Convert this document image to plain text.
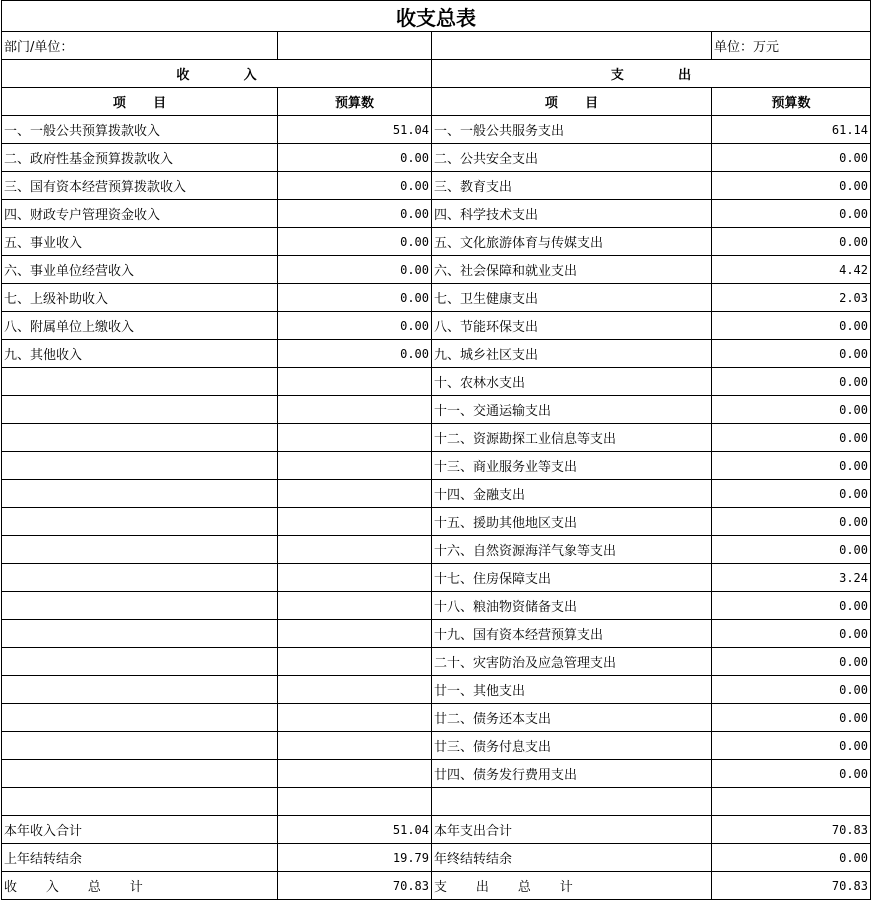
收支总表			
部门/单位：			单位：万元
收            入		支            出	
项      目	预算数	项      目	预算数
一、一般公共预算拨款收入	51.04	一、一般公共服务支出	61.14
二、政府性基金预算拨款收入	0.00	二、公共安全支出	0.00
三、国有资本经营预算拨款收入	0.00	三、教育支出	0.00
四、财政专户管理资金收入	0.00	四、科学技术支出	0.00
五、事业收入	0.00	五、文化旅游体育与传媒支出	0.00
六、事业单位经营收入	0.00	六、社会保障和就业支出	4.42
七、上级补助收入	0.00	七、卫生健康支出	2.03
八、附属单位上缴收入	0.00	八、节能环保支出	0.00
九、其他收入	0.00	九、城乡社区支出	0.00
		十、农林水支出	0.00
		十一、交通运输支出	0.00
		十二、资源勘探工业信息等支出	0.00
		十三、商业服务业等支出	0.00
		十四、金融支出	0.00
		十五、援助其他地区支出	0.00
		十六、自然资源海洋气象等支出	0.00
		十七、住房保障支出	3.24
		十八、粮油物资储备支出	0.00
		十九、国有资本经营预算支出	0.00
		二十、灾害防治及应急管理支出	0.00
		廿一、其他支出	0.00
		廿二、债务还本支出	0.00
		廿三、债务付息支出	0.00
		廿四、债务发行费用支出	0.00

本年收入合计	51.04	本年支出合计	70.83
上年结转结余	19.79	年终结转结余	0.00
收       入       总       计	70.83	支       出       总       计	70.83
